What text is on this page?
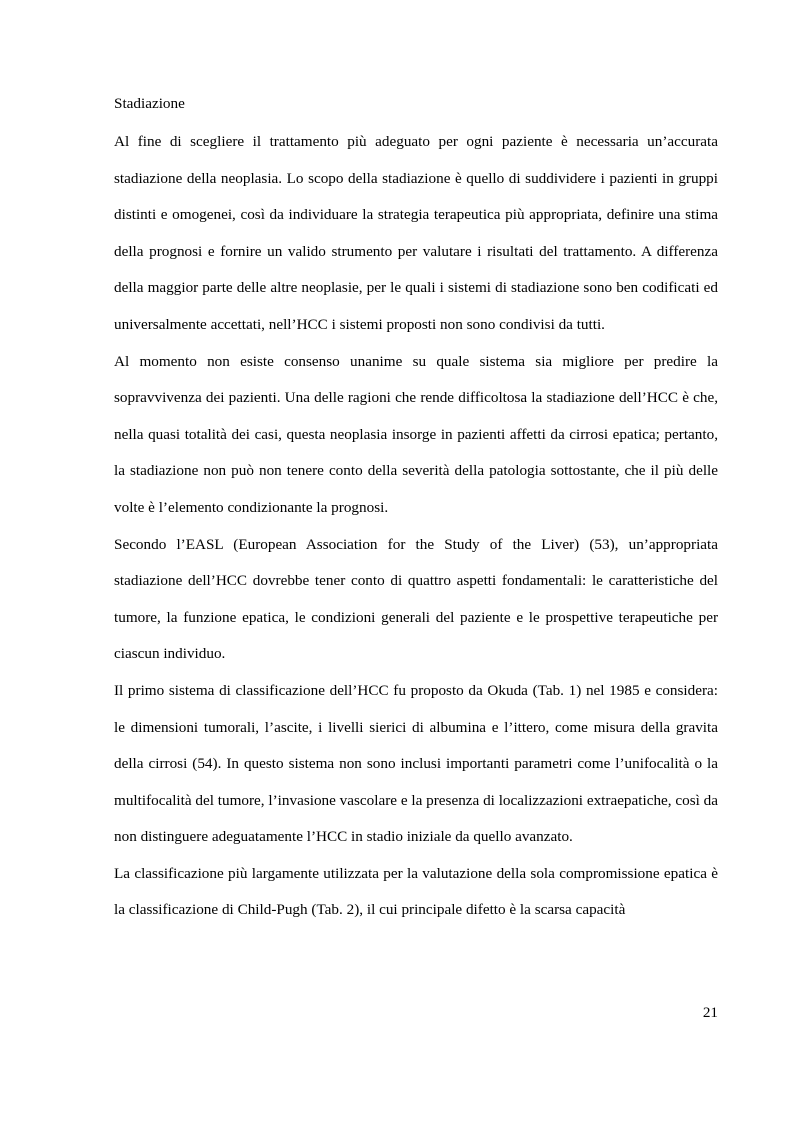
Stadiazione

Al fine di scegliere il trattamento più adeguato per ogni paziente è necessaria un’accurata stadiazione della neoplasia. Lo scopo della stadiazione è quello di suddividere i pazienti in gruppi distinti e omogenei, così da individuare la strategia terapeutica più appropriata, definire una stima della prognosi e fornire un valido strumento per valutare i risultati del trattamento. A differenza della maggior parte delle altre neoplasie, per le quali i sistemi di stadiazione sono ben codificati ed universalmente accettati, nell’HCC i sistemi proposti non sono condivisi da tutti.

Al momento non esiste consenso unanime su quale sistema sia migliore per predire la sopravvivenza dei pazienti. Una delle ragioni che rende difficoltosa la stadiazione dell’HCC è che, nella quasi totalità dei casi, questa neoplasia insorge in pazienti affetti da cirrosi epatica; pertanto, la stadiazione non può non tenere conto della severità della patologia sottostante, che il più delle volte è l’elemento condizionante la prognosi.

Secondo l’EASL (European Association for the Study of the Liver) (53), un’appropriata stadiazione dell’HCC dovrebbe tener conto di quattro aspetti fondamentali: le caratteristiche del tumore, la funzione epatica, le condizioni generali del paziente e le prospettive terapeutiche per ciascun individuo.

Il primo sistema di classificazione dell’HCC fu proposto da Okuda (Tab. 1) nel 1985 e considera: le dimensioni tumorali, l’ascite, i livelli sierici di albumina e l’ittero, come misura della gravita della cirrosi (54). In questo sistema non sono inclusi importanti parametri come l’unifocalità o la multifocalità del tumore, l’invasione vascolare e la presenza di localizzazioni extraepatiche, così da non distinguere adeguatamente l’HCC in stadio iniziale da quello avanzato.

La classificazione più largamente utilizzata per la valutazione della sola compromissione epatica è la classificazione di Child-Pugh (Tab. 2), il cui principale difetto è la scarsa capacità

21
